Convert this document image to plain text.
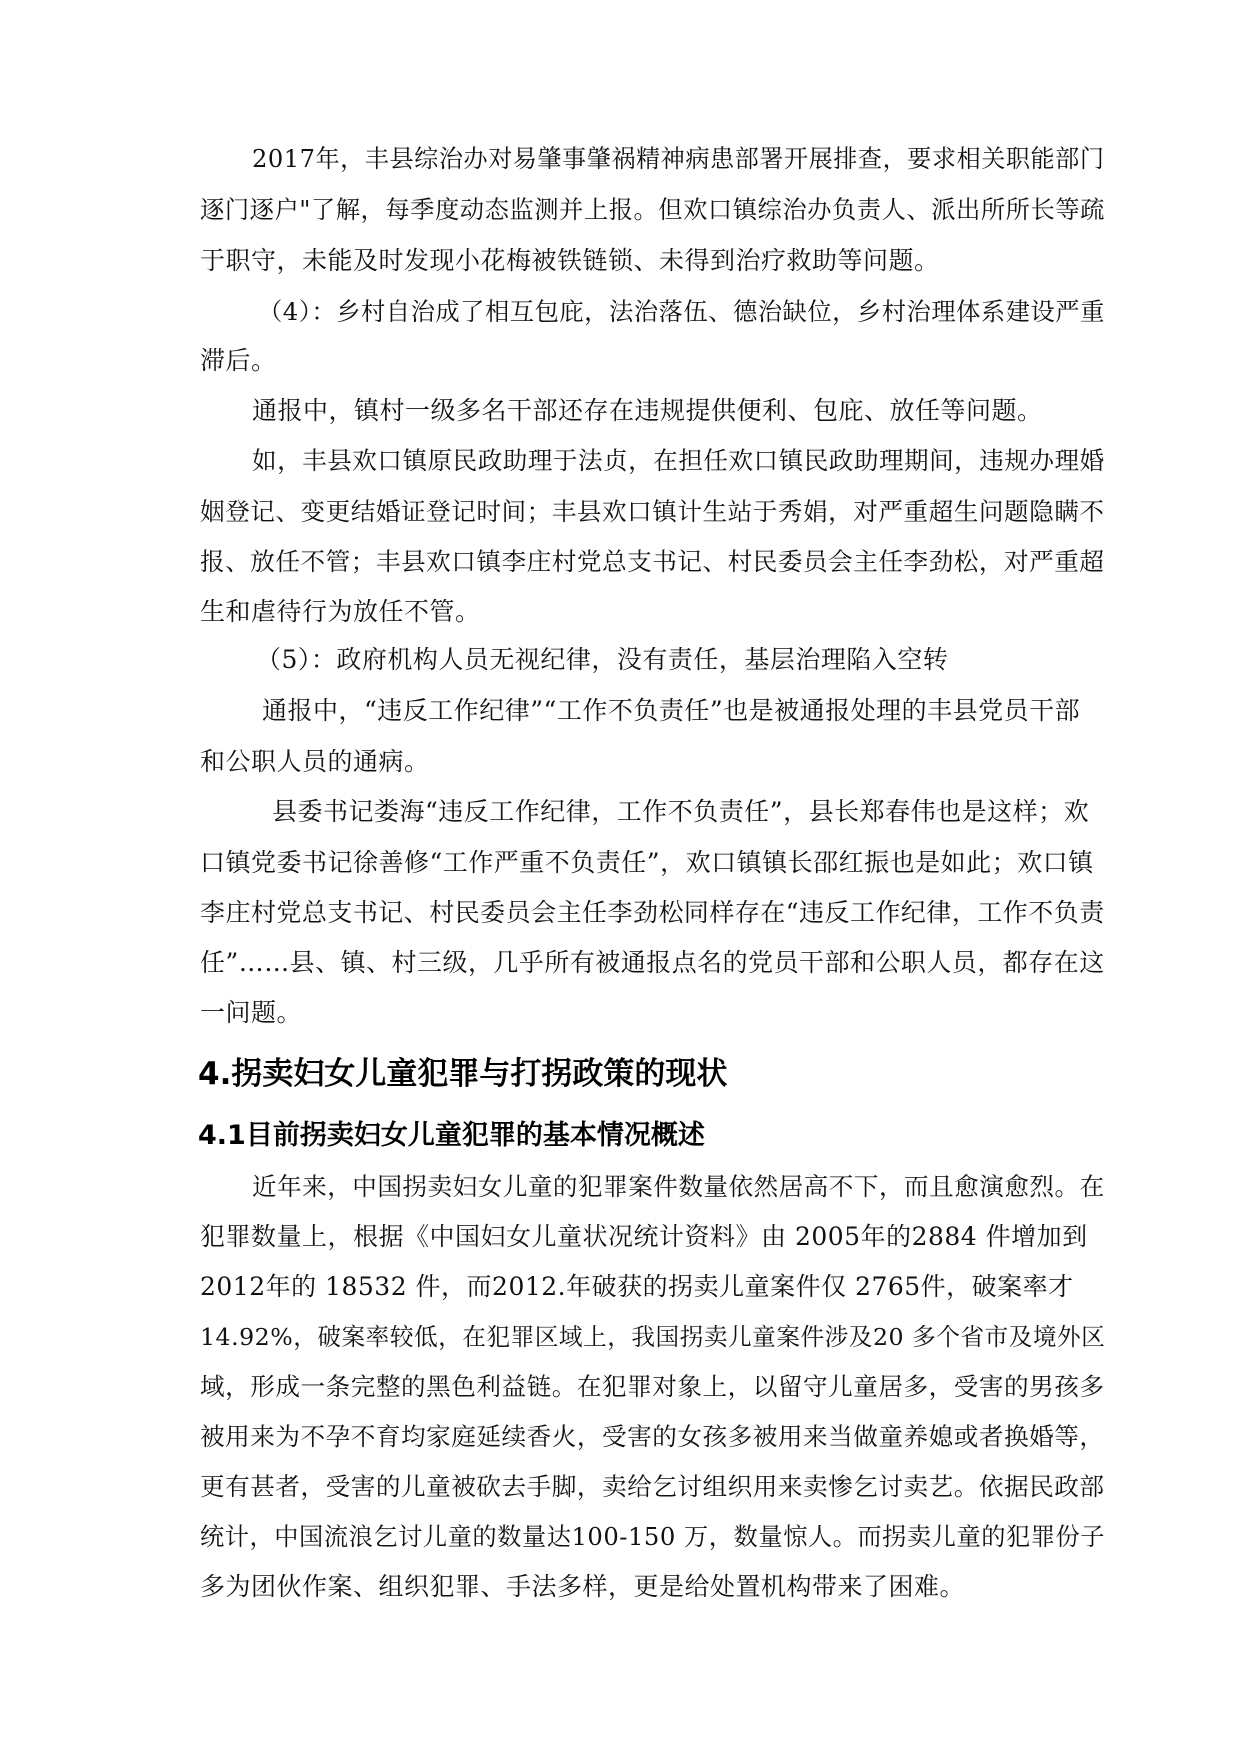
2017年，丰县综治办对易肇事肇祸精神病患部署开展排查，要求相关职能部门

逐门逐户"了解，每季度动态监测并上报。但欢口镇综治办负责人、派出所所长等疏

于职守，未能及时发现小花梅被铁链锁、未得到治疗救助等问题。

（4）：乡村自治成了相互包庇，法治落伍、德治缺位，乡村治理体系建设严重

滞后。

通报中，镇村一级多名干部还存在违规提供便利、包庇、放任等问题。

如，丰县欢口镇原民政助理于法贞，在担任欢口镇民政助理期间，违规办理婚

姻登记、变更结婚证登记时间；丰县欢口镇计生站于秀娟，对严重超生问题隐瞒不

报、放任不管；丰县欢口镇李庄村党总支书记、村民委员会主任李劲松，对严重超

生和虐待行为放任不管。

（5）：政府机构人员无视纪律，没有责任，基层治理陷入空转

通报中，“违反工作纪律”“工作不负责任”也是被通报处理的丰县党员干部

和公职人员的通病。

县委书记娄海“违反工作纪律，工作不负责任”，县长郑春伟也是这样；欢

口镇党委书记徐善修“工作严重不负责任”，欢口镇镇长邵红振也是如此；欢口镇

李庄村党总支书记、村民委员会主任李劲松同样存在“违反工作纪律，工作不负责

任”……县、镇、村三级，几乎所有被通报点名的党员干部和公职人员，都存在这

一问题。

4.拐卖妇女儿童犯罪与打拐政策的现状
4.1目前拐卖妇女儿童犯罪的基本情况概述

近年来，中国拐卖妇女儿童的犯罪案件数量依然居高不下，而且愈演愈烈。在

犯罪数量上，根据《中国妇女儿童状况统计资料》由 2005年的2884 件增加到

2012年的 18532 件，而2012.年破获的拐卖儿童案件仅 2765件，破案率才

14.92%，破案率较低，在犯罪区域上，我国拐卖儿童案件涉及20 多个省市及境外区

域，形成一条完整的黑色利益链。在犯罪对象上，以留守儿童居多，受害的男孩多

被用来为不孕不育均家庭延续香火，受害的女孩多被用来当做童养媳或者换婚等，

更有甚者，受害的儿童被砍去手脚，卖给乞讨组织用来卖惨乞讨卖艺。依据民政部

统计，中国流浪乞讨儿童的数量达100-150 万，数量惊人。而拐卖儿童的犯罪份子

多为团伙作案、组织犯罪、手法多样，更是给处置机构带来了困难。
